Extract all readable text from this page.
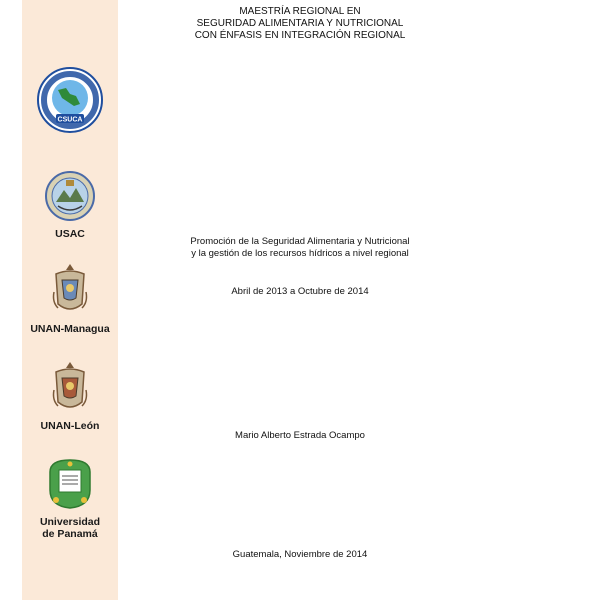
CSUCA
USAC
UNAN-Managua
UNAN-León
Universidad
de Panamá
MAESTRÍA REGIONAL EN
SEGURIDAD ALIMENTARIA Y NUTRICIONAL
CON ÉNFASIS EN INTEGRACIÓN REGIONAL
Promoción de la Seguridad Alimentaria y Nutricional
y la gestión de los recursos hídricos a nivel regional
Abril de 2013 a Octubre de 2014
Mario Alberto Estrada Ocampo
Guatemala, Noviembre de 2014
